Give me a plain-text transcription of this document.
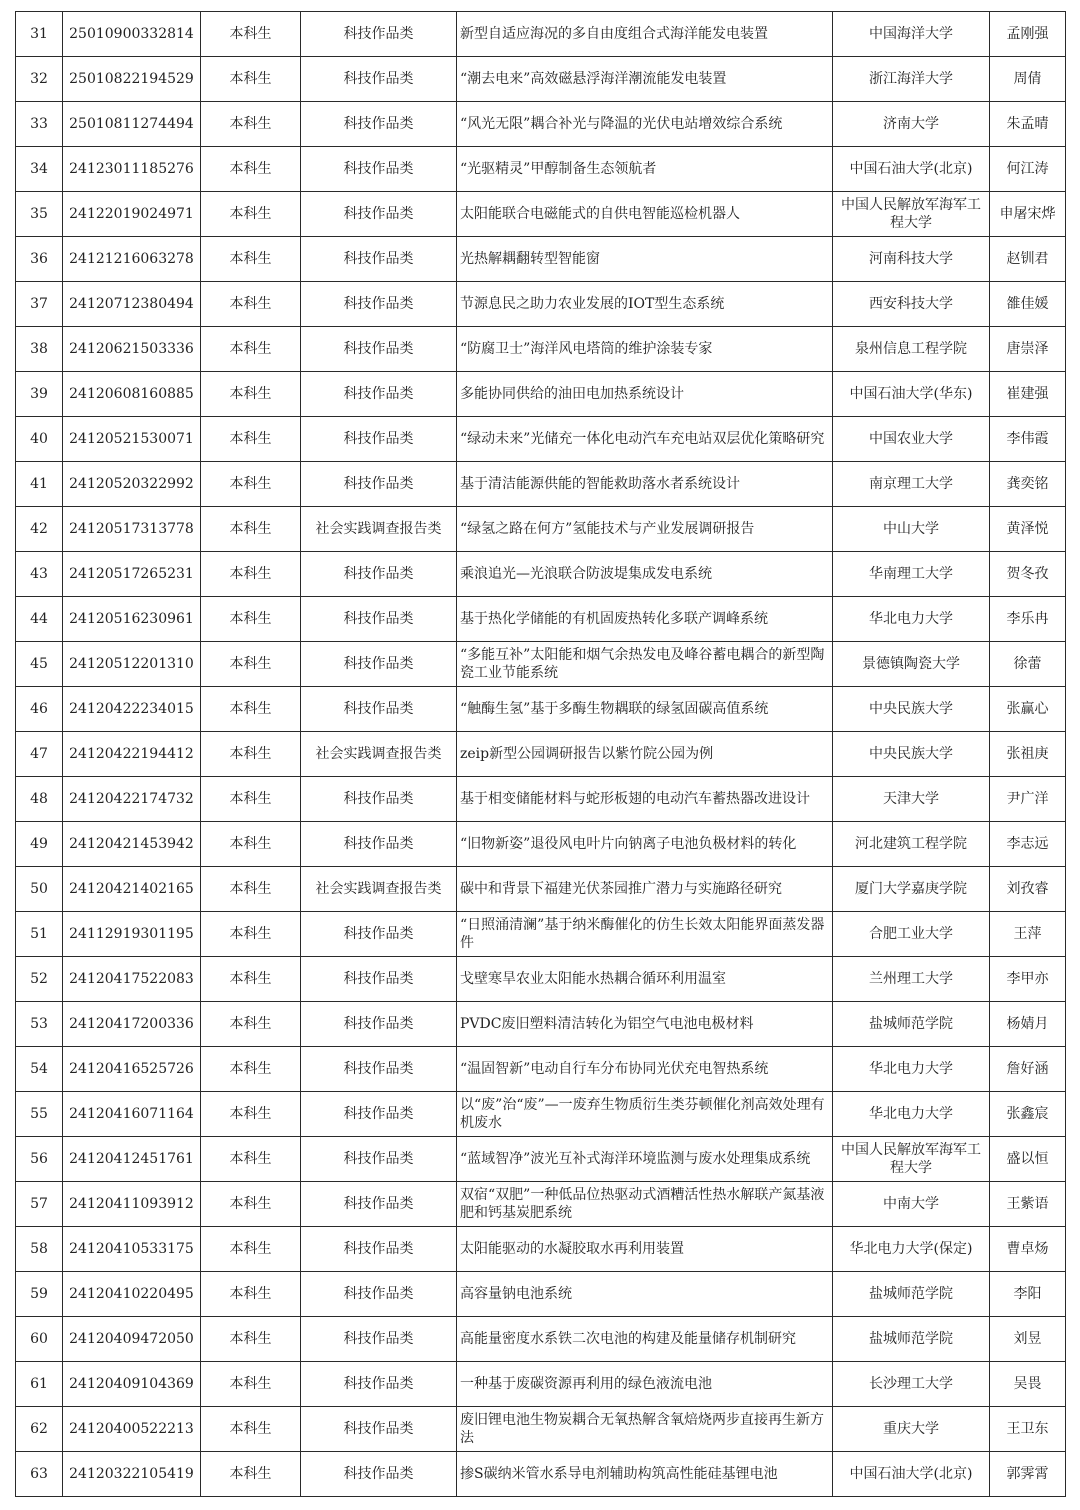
31	25010900332814	本科生	科技作品类	新型自适应海况的多自由度组合式海洋能发电装置	中国海洋大学	孟刚强
32	25010822194529	本科生	科技作品类	“潮去电来”高效磁悬浮海洋潮流能发电装置	浙江海洋大学	周倩
33	25010811274494	本科生	科技作品类	“风光无限”耦合补光与降温的光伏电站增效综合系统	济南大学	朱孟晴
34	24123011185276	本科生	科技作品类	“光驱精灵”甲醇制备生态领航者	中国石油大学(北京)	何江涛
35	24122019024971	本科生	科技作品类	太阳能联合电磁能式的自供电智能巡检机器人	中国人民解放军海军工程大学	申屠宋烨
36	24121216063278	本科生	科技作品类	光热解耦翻转型智能窗	河南科技大学	赵钏君
37	24120712380494	本科生	科技作品类	节源息民之助力农业发展的IOT型生态系统	西安科技大学	雒佳媛
38	24120621503336	本科生	科技作品类	“防腐卫士”海洋风电塔筒的维护涂装专家	泉州信息工程学院	唐崇泽
39	24120608160885	本科生	科技作品类	多能协同供给的油田电加热系统设计	中国石油大学(华东)	崔建强
40	24120521530071	本科生	科技作品类	“绿动未来”光储充一体化电动汽车充电站双层优化策略研究	中国农业大学	李伟霞
41	24120520322992	本科生	科技作品类	基于清洁能源供能的智能救助落水者系统设计	南京理工大学	龚奕铭
42	24120517313778	本科生	社会实践调查报告类	“绿氢之路在何方”氢能技术与产业发展调研报告	中山大学	黄泽悦
43	24120517265231	本科生	科技作品类	乘浪追光—光浪联合防波堤集成发电系统	华南理工大学	贺冬孜
44	24120516230961	本科生	科技作品类	基于热化学储能的有机固废热转化多联产调峰系统	华北电力大学	李乐冉
45	24120512201310	本科生	科技作品类	“多能互补”太阳能和烟气余热发电及峰谷蓄电耦合的新型陶瓷工业节能系统	景德镇陶瓷大学	徐蕾
46	24120422234015	本科生	科技作品类	“触酶生氢”基于多酶生物耦联的绿氢固碳高值系统	中央民族大学	张赢心
47	24120422194412	本科生	社会实践调查报告类	zeip新型公园调研报告以紫竹院公园为例	中央民族大学	张祖庚
48	24120422174732	本科生	科技作品类	基于相变储能材料与蛇形板翅的电动汽车蓄热器改进设计	天津大学	尹广洋
49	24120421453942	本科生	科技作品类	“旧物新姿”退役风电叶片向钠离子电池负极材料的转化	河北建筑工程学院	李志远
50	24120421402165	本科生	社会实践调查报告类	碳中和背景下福建光伏茶园推广潜力与实施路径研究	厦门大学嘉庚学院	刘孜睿
51	24112919301195	本科生	科技作品类	“日照涌清澜”基于纳米酶催化的仿生长效太阳能界面蒸发器件	合肥工业大学	王萍
52	24120417522083	本科生	科技作品类	戈壁寒旱农业太阳能水热耦合循环利用温室	兰州理工大学	李甲亦
53	24120417200336	本科生	科技作品类	PVDC废旧塑料清洁转化为铝空气电池电极材料	盐城师范学院	杨婧月
54	24120416525726	本科生	科技作品类	“温固智新”电动自行车分布协同光伏充电智热系统	华北电力大学	詹好涵
55	24120416071164	本科生	科技作品类	以“废”治“废”—一废弃生物质衍生类芬顿催化剂高效处理有机废水	华北电力大学	张鑫宸
56	24120412451761	本科生	科技作品类	“蓝域智净”波光互补式海洋环境监测与废水处理集成系统	中国人民解放军海军工程大学	盛以恒
57	24120411093912	本科生	科技作品类	双宿“双肥”一种低品位热驱动式酒糟活性热水解联产氮基液肥和钙基炭肥系统	中南大学	王紫语
58	24120410533175	本科生	科技作品类	太阳能驱动的水凝胶取水再利用装置	华北电力大学(保定)	曹卓炀
59	24120410220495	本科生	科技作品类	高容量钠电池系统	盐城师范学院	李阳
60	24120409472050	本科生	科技作品类	高能量密度水系铁二次电池的构建及能量储存机制研究	盐城师范学院	刘昱
61	24120409104369	本科生	科技作品类	一种基于废碳资源再利用的绿色液流电池	长沙理工大学	吴畏
62	24120400522213	本科生	科技作品类	废旧锂电池生物炭耦合无氧热解含氧焙烧两步直接再生新方法	重庆大学	王卫东
63	24120322105419	本科生	科技作品类	掺S碳纳米管水系导电剂辅助构筑高性能硅基锂电池	中国石油大学(北京)	郭霁霄
